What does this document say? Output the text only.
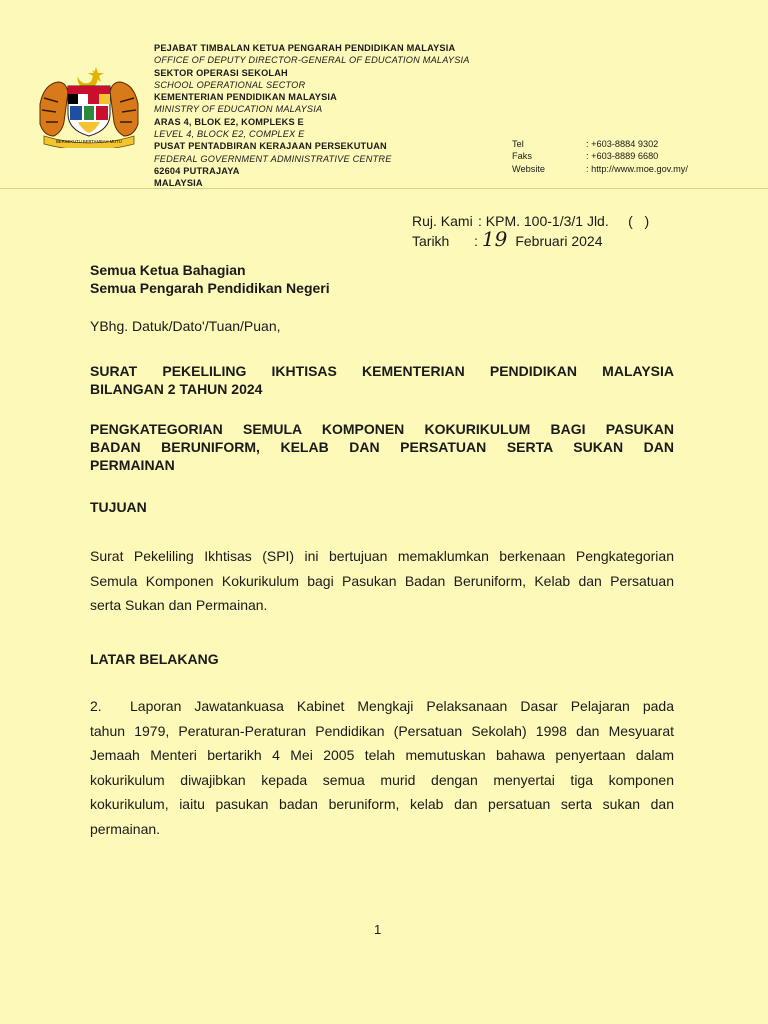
BERSEKUTU BERTAMBAH MUTU
PEJABAT TIMBALAN KETUA PENGARAH PENDIDIKAN MALAYSIA
OFFICE OF DEPUTY DIRECTOR-GENERAL OF EDUCATION MALAYSIA
SEKTOR OPERASI SEKOLAH
SCHOOL OPERATIONAL SECTOR
KEMENTERIAN PENDIDIKAN MALAYSIA
MINISTRY OF EDUCATION MALAYSIA
ARAS 4, BLOK E2, KOMPLEKS E
LEVEL 4, BLOCK E2, COMPLEX E
PUSAT PENTADBIRAN KERAJAAN PERSEKUTUAN
FEDERAL GOVERNMENT ADMINISTRATIVE CENTRE
62604 PUTRAJAYA
MALAYSIA
Tel	: +603-8884 9302
Faks	: +603-8889 6680
Website	: http://www.moe.gov.my/
Ruj. Kami : KPM. 100-1/3/1 Jld.     (   )
Tarikh	: 19 Februari 2024
Semua Ketua Bahagian
Semua Pengarah Pendidikan Negeri
YBhg. Datuk/Dato'/Tuan/Puan,
SURAT PEKELILING IKHTISAS KEMENTERIAN PENDIDIKAN MALAYSIA
BILANGAN 2 TAHUN 2024
PENGKATEGORIAN SEMULA KOMPONEN KOKURIKULUM BAGI PASUKAN
BADAN BERUNIFORM, KELAB DAN PERSATUAN SERTA SUKAN DAN
PERMAINAN
TUJUAN
Surat Pekeliling Ikhtisas (SPI) ini bertujuan memaklumkan berkenaan Pengkategorian
Semula Komponen Kokurikulum bagi Pasukan Badan Beruniform, Kelab dan Persatuan
serta Sukan dan Permainan.
LATAR BELAKANG
2. Laporan Jawatankuasa Kabinet Mengkaji Pelaksanaan Dasar Pelajaran pada
tahun 1979, Peraturan-Peraturan Pendidikan (Persatuan Sekolah) 1998 dan Mesyuarat
Jemaah Menteri bertarikh 4 Mei 2005 telah memutuskan bahawa penyertaan dalam
kokurikulum diwajibkan kepada semua murid dengan menyertai tiga komponen
kokurikulum, iaitu pasukan badan beruniform, kelab dan persatuan serta sukan dan
permainan.
1
